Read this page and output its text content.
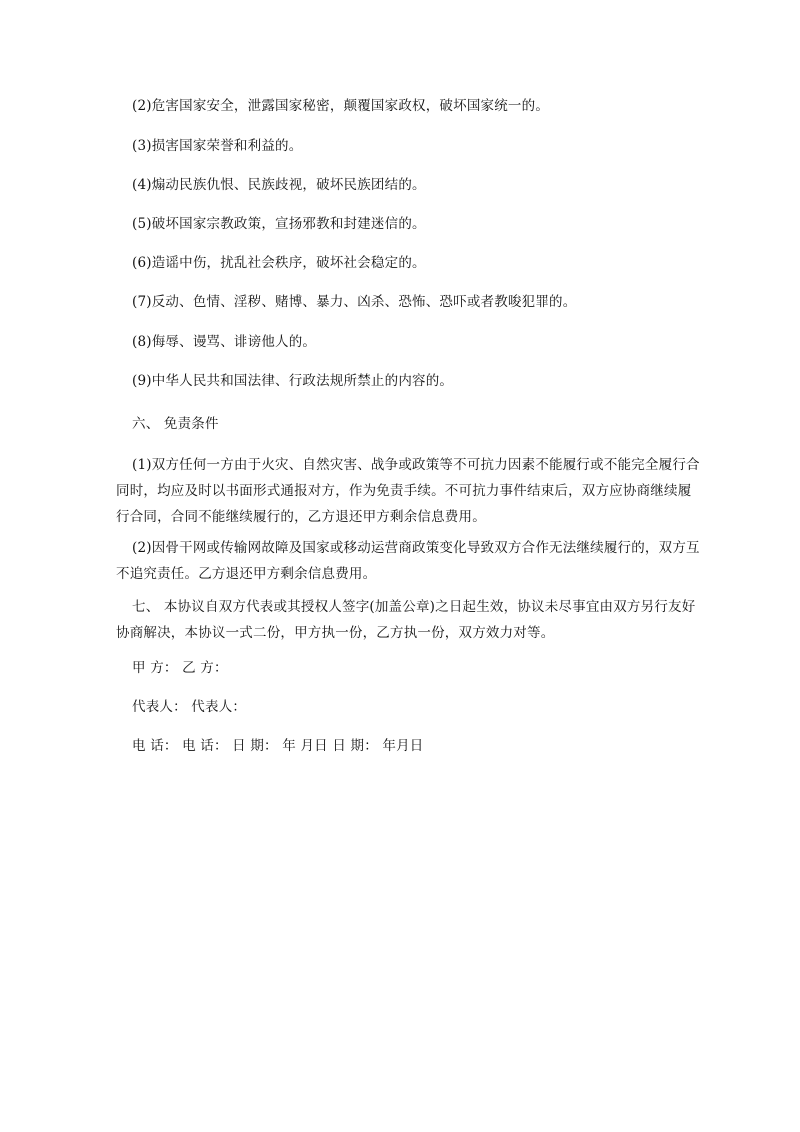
(2)危害国家安全，泄露国家秘密，颠覆国家政权，破坏国家统一的。
(3)损害国家荣誉和利益的。
(4)煽动民族仇恨、民族歧视，破坏民族团结的。
(5)破坏国家宗教政策，宣扬邪教和封建迷信的。
(6)造谣中伤，扰乱社会秩序，破坏社会稳定的。
(7)反动、色情、淫秽、赌博、暴力、凶杀、恐怖、恐吓或者教唆犯罪的。
(8)侮辱、谩骂、诽谤他人的。
(9)中华人民共和国法律、行政法规所禁止的内容的。
六、 免责条件
(1)双方任何一方由于火灾、自然灾害、战争或政策等不可抗力因素不能履行或不能完全履行合同时，均应及时以书面形式通报对方，作为免责手续。不可抗力事件结束后，双方应协商继续履行合同，合同不能继续履行的，乙方退还甲方剩余信息费用。
(2)因骨干网或传输网故障及国家或移动运营商政策变化导致双方合作无法继续履行的，双方互不追究责任。乙方退还甲方剩余信息费用。
七、 本协议自双方代表或其授权人签字(加盖公章)之日起生效，协议未尽事宜由双方另行友好协商解决，本协议一式二份，甲方执一份，乙方执一份，双方效力对等。
甲 方： 乙 方：
代表人： 代表人：
电 话： 电 话： 日 期： 年 月日 日 期： 年月日
